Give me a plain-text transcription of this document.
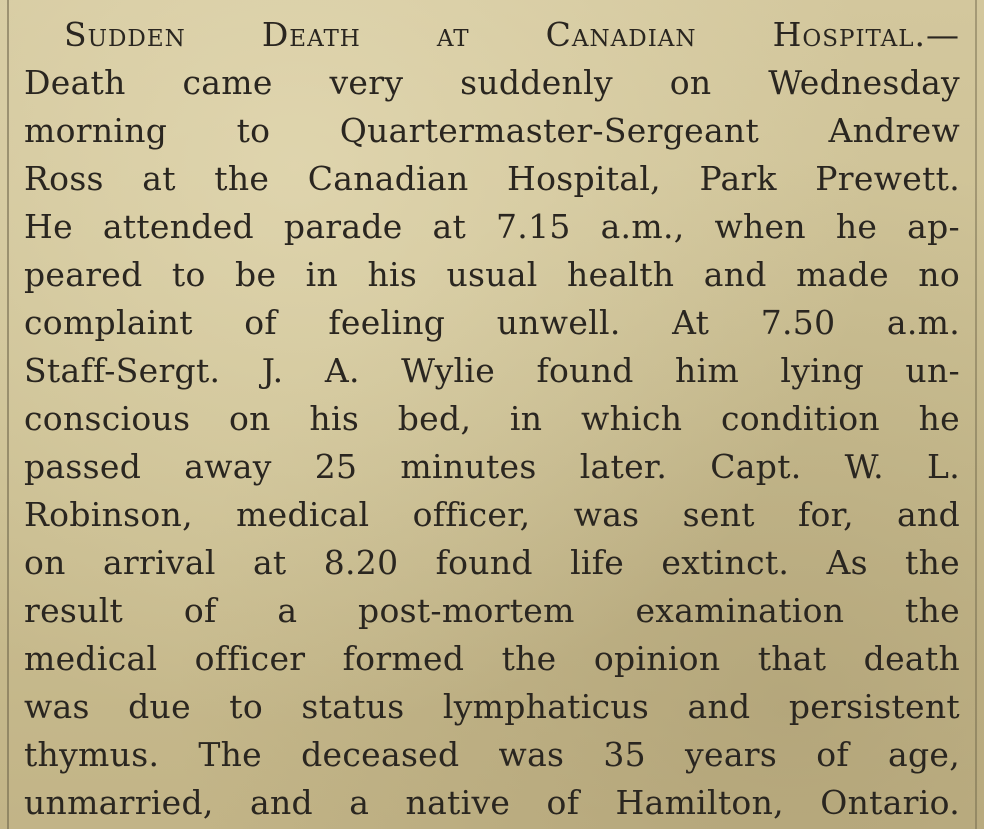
Sudden Death at Canadian Hospital.—
Death came very suddenly on Wednesday
morning to Quartermaster-Sergeant Andrew
Ross at the Canadian Hospital, Park Prewett.
He attended parade at 7.15 a.m., when he ap-
peared to be in his usual health and made no
complaint of feeling unwell. At 7.50 a.m.
Staff-Sergt. J. A. Wylie found him lying un-
conscious on his bed, in which condition he
passed away 25 minutes later. Capt. W. L.
Robinson, medical officer, was sent for, and
on arrival at 8.20 found life extinct. As the
result of a post-mortem examination the
medical officer formed the opinion that death
was due to status lymphaticus and persistent
thymus. The deceased was 35 years of age,
unmarried, and a native of Hamilton, Ontario.
